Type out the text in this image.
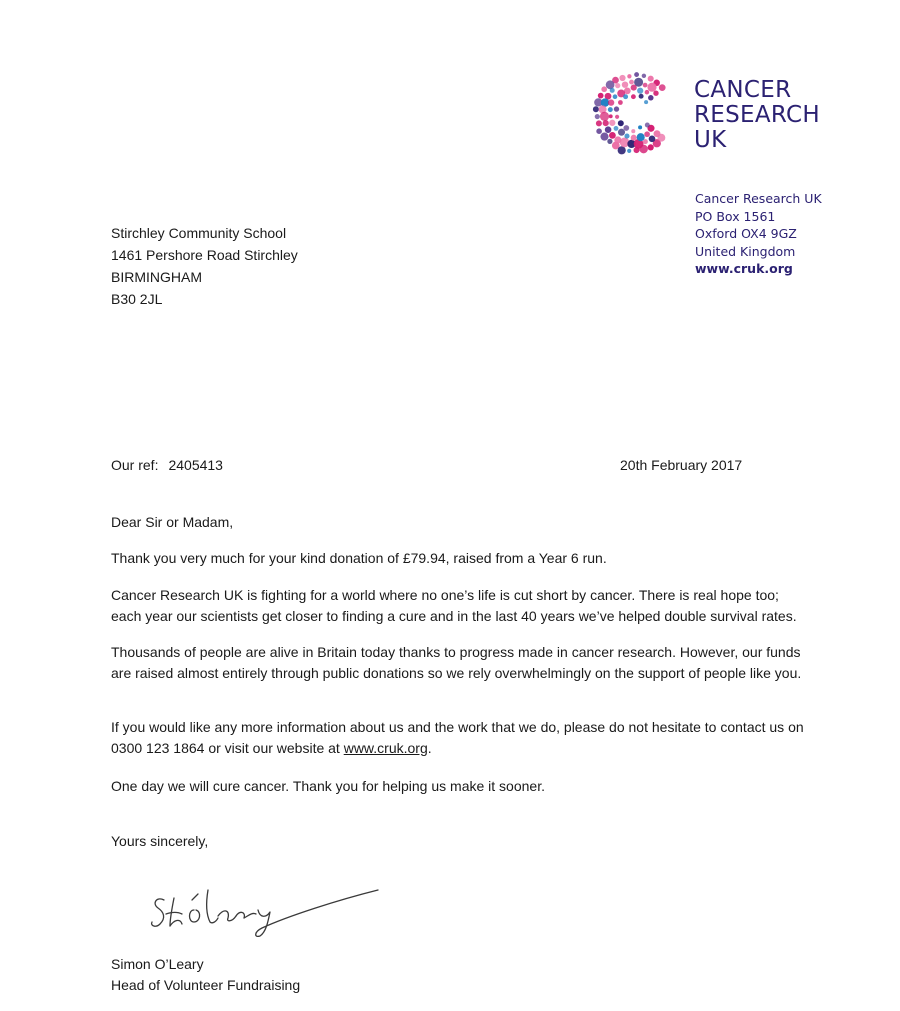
CANCER
RESEARCH
UK
Cancer Research UK
PO Box 1561
Oxford OX4 9GZ
United Kingdom
www.cruk.org
Stirchley Community School
1461 Pershore Road Stirchley
BIRMINGHAM
B30 2JL
Our ref: 2405413	20th February 2017

Dear Sir or Madam,

Thank you very much for your kind donation of £79.94, raised from a Year 6 run.

Cancer Research UK is fighting for a world where no one’s life is cut short by cancer. There is real hope too; each year our scientists get closer to finding a cure and in the last 40 years we’ve helped double survival rates.

Thousands of people are alive in Britain today thanks to progress made in cancer research. However, our funds are raised almost entirely through public donations so we rely overwhelmingly on the support of people like you.

If you would like any more information about us and the work that we do, please do not hesitate to contact us on 0300 123 1864 or visit our website at www.cruk.org.

One day we will cure cancer. Thank you for helping us make it sooner.

Yours sincerely,

Simon O’Leary
Head of Volunteer Fundraising
